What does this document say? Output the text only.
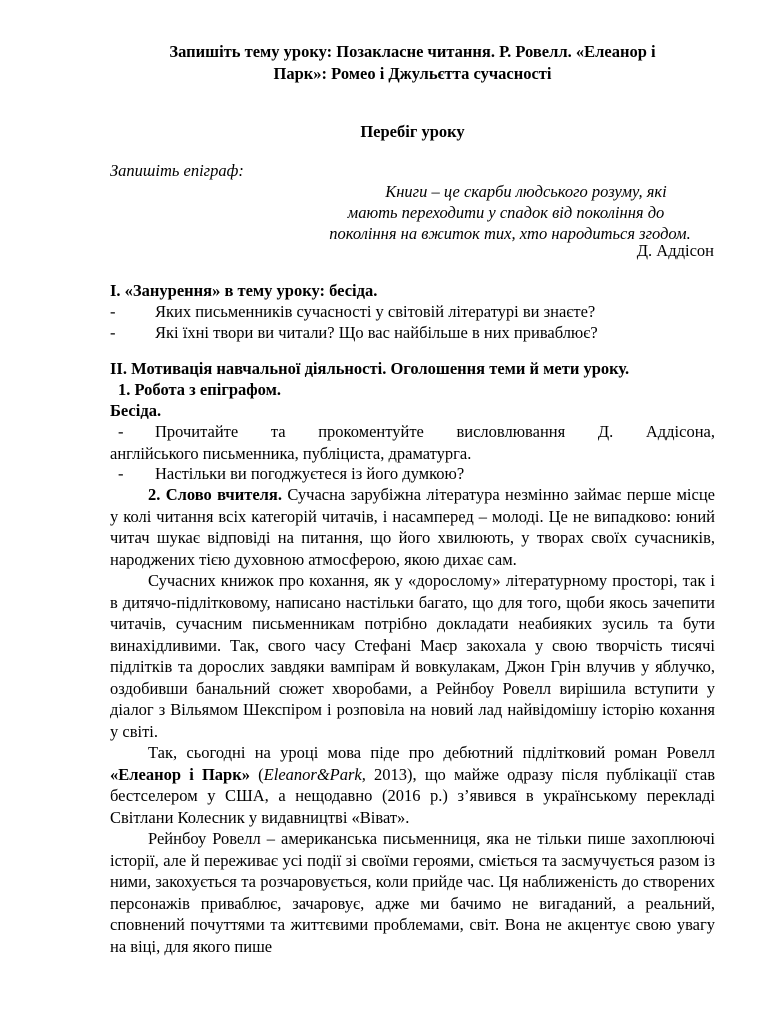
Запишіть тему уроку: Позакласне читання. Р. Ровелл. «Елеанор і
Парк»: Ромео і Джульєтта сучасності
Перебіг уроку
Запишіть епіграф:
Книги – це скарби людського розуму, які
мають переходити у спадок від покоління до
покоління на вжиток тих, хто народиться згодом.
Д. Аддісон
І. «Занурення» в тему уроку: бесіда.
- Яких письменників сучасності у світовій літературі ви знаєте?
- Які їхні твори ви читали? Що вас найбільше в них приваблює?
ІІ. Мотивація навчальної діяльності. Оголошення теми й мети уроку.
1. Робота з епіграфом.
Бесіда.
- Прочитайте та прокоментуйте висловлювання Д. Аддісона,
англійського письменника, публіциста, драматурга.
- Настільки ви погоджуєтеся із його думкою?

2. Слово вчителя. Сучасна зарубіжна література незмінно займає перше місце у колі читання всіх категорій читачів, і насамперед – молоді. Це не випадково: юний читач шукає відповіді на питання, що його хвилюють, у творах своїх сучасників, народжених тією духовною атмосферою, якою дихає сам.

Сучасних книжок про кохання, як у «дорослому» літературному просторі, так і в дитячо-підлітковому, написано настільки багато, що для того, щоби якось зачепити читачів, сучасним письменникам потрібно докладати неабияких зусиль та бути винахідливими. Так, свого часу Стефані Маєр закохала у свою творчість тисячі підлітків та дорослих завдяки вампірам й вовкулакам, Джон Грін влучив у яблучко, оздобивши банальний сюжет хворобами, а Рейнбоу Ровелл вирішила вступити у діалог з Вільямом Шекспіром і розповіла на новий лад найвідомішу історію кохання у світі.

Так, сьогодні на уроці мова піде про дебютний підлітковий роман Ровелл «Елеанор і Парк» (Eleanor&Park, 2013), що майже одразу після публікації став бестселером у США, а нещодавно (2016 р.) з’явився в українському перекладі Світлани Колесник у видавництві «Віват».

Рейнбоу Ровелл – американська письменниця, яка не тільки пише захоплюючі історії, але й переживає усі події зі своїми героями, сміється та засмучується разом із ними, закохується та розчаровується, коли прийде час. Ця наближеність до створених персонажів приваблює, зачаровує, адже ми бачимо не вигаданий, а реальний, сповнений почуттями та життєвими проблемами, світ. Вона не акцентує свою увагу на віці, для якого пише
